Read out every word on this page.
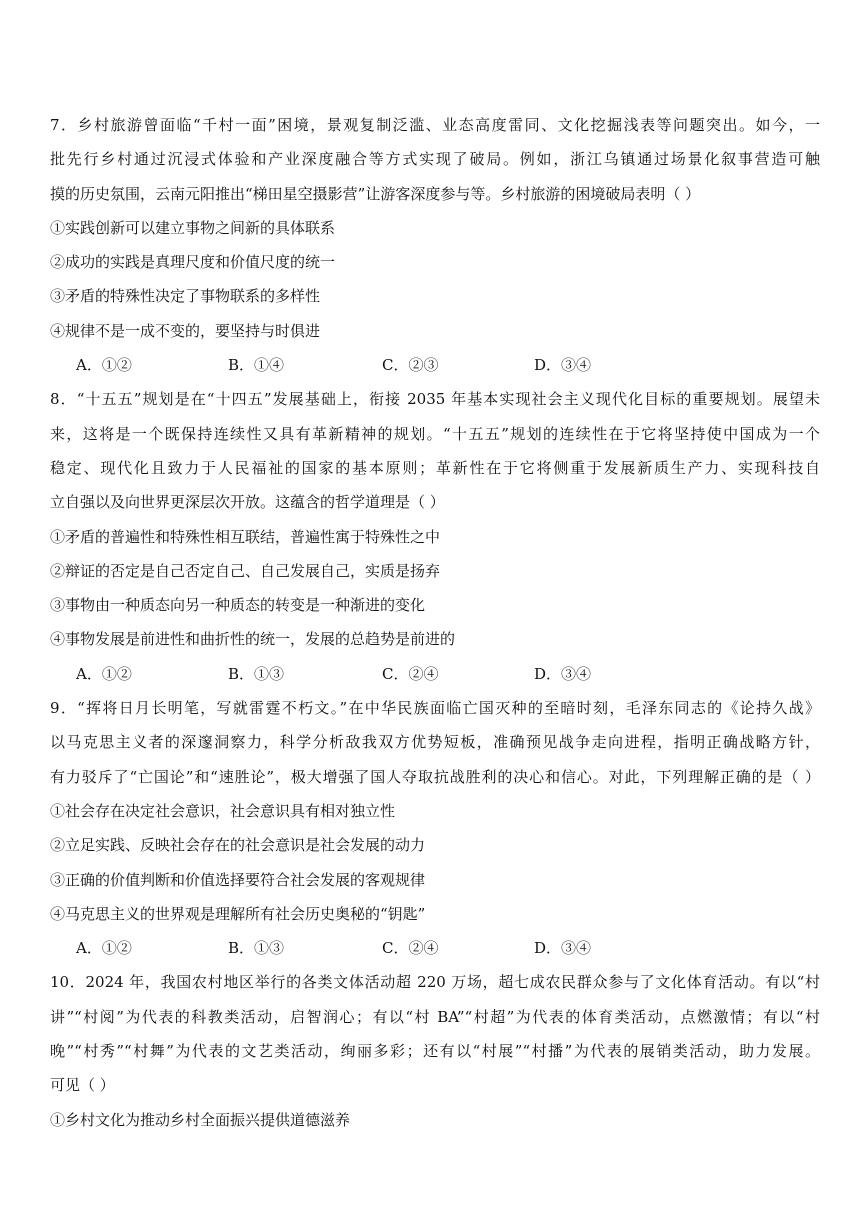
7．乡村旅游曾面临“千村一面”困境，景观复制泛滥、业态高度雷同、文化挖掘浅表等问题突出。如今，一
批先行乡村通过沉浸式体验和产业深度融合等方式实现了破局。例如，浙江乌镇通过场景化叙事营造可触
摸的历史氛围，云南元阳推出“梯田星空摄影营”让游客深度参与等。乡村旅游的困境破局表明（ ）
①实践创新可以建立事物之间新的具体联系
②成功的实践是真理尺度和价值尺度的统一
③矛盾的特殊性决定了事物联系的多样性
④规律不是一成不变的，要坚持与时俱进
A．①②	B．①④	C．②③	D．③④
8．“十五五”规划是在“十四五”发展基础上，衔接 2035 年基本实现社会主义现代化目标的重要规划。展望未
来，这将是一个既保持连续性又具有革新精神的规划。“十五五”规划的连续性在于它将坚持使中国成为一个
稳定、现代化且致力于人民福祉的国家的基本原则；革新性在于它将侧重于发展新质生产力、实现科技自
立自强以及向世界更深层次开放。这蕴含的哲学道理是（ ）
①矛盾的普遍性和特殊性相互联结，普遍性寓于特殊性之中
②辩证的否定是自己否定自己、自己发展自己，实质是扬弃
③事物由一种质态向另一种质态的转变是一种渐进的变化
④事物发展是前进性和曲折性的统一，发展的总趋势是前进的
A．①②	B．①③	C．②④	D．③④
9．“挥将日月长明笔，写就雷霆不朽文。”在中华民族面临亡国灭种的至暗时刻，毛泽东同志的《论持久战》
以马克思主义者的深邃洞察力，科学分析敌我双方优势短板，准确预见战争走向进程，指明正确战略方针，
有力驳斥了“亡国论”和“速胜论”，极大增强了国人夺取抗战胜利的决心和信心。对此，下列理解正确的是（ ）
①社会存在决定社会意识，社会意识具有相对独立性
②立足实践、反映社会存在的社会意识是社会发展的动力
③正确的价值判断和价值选择要符合社会发展的客观规律
④马克思主义的世界观是理解所有社会历史奥秘的“钥匙”
A．①②	B．①③	C．②④	D．③④
10．2024 年，我国农村地区举行的各类文体活动超 220 万场，超七成农民群众参与了文化体育活动。有以“村
讲”“村阅”为代表的科教类活动，启智润心；有以“村 BA”“村超”为代表的体育类活动，点燃激情；有以“村
晚”“村秀”“村舞”为代表的文艺类活动，绚丽多彩；还有以“村展”“村播”为代表的展销类活动，助力发展。
可见（ ）
①乡村文化为推动乡村全面振兴提供道德滋养
